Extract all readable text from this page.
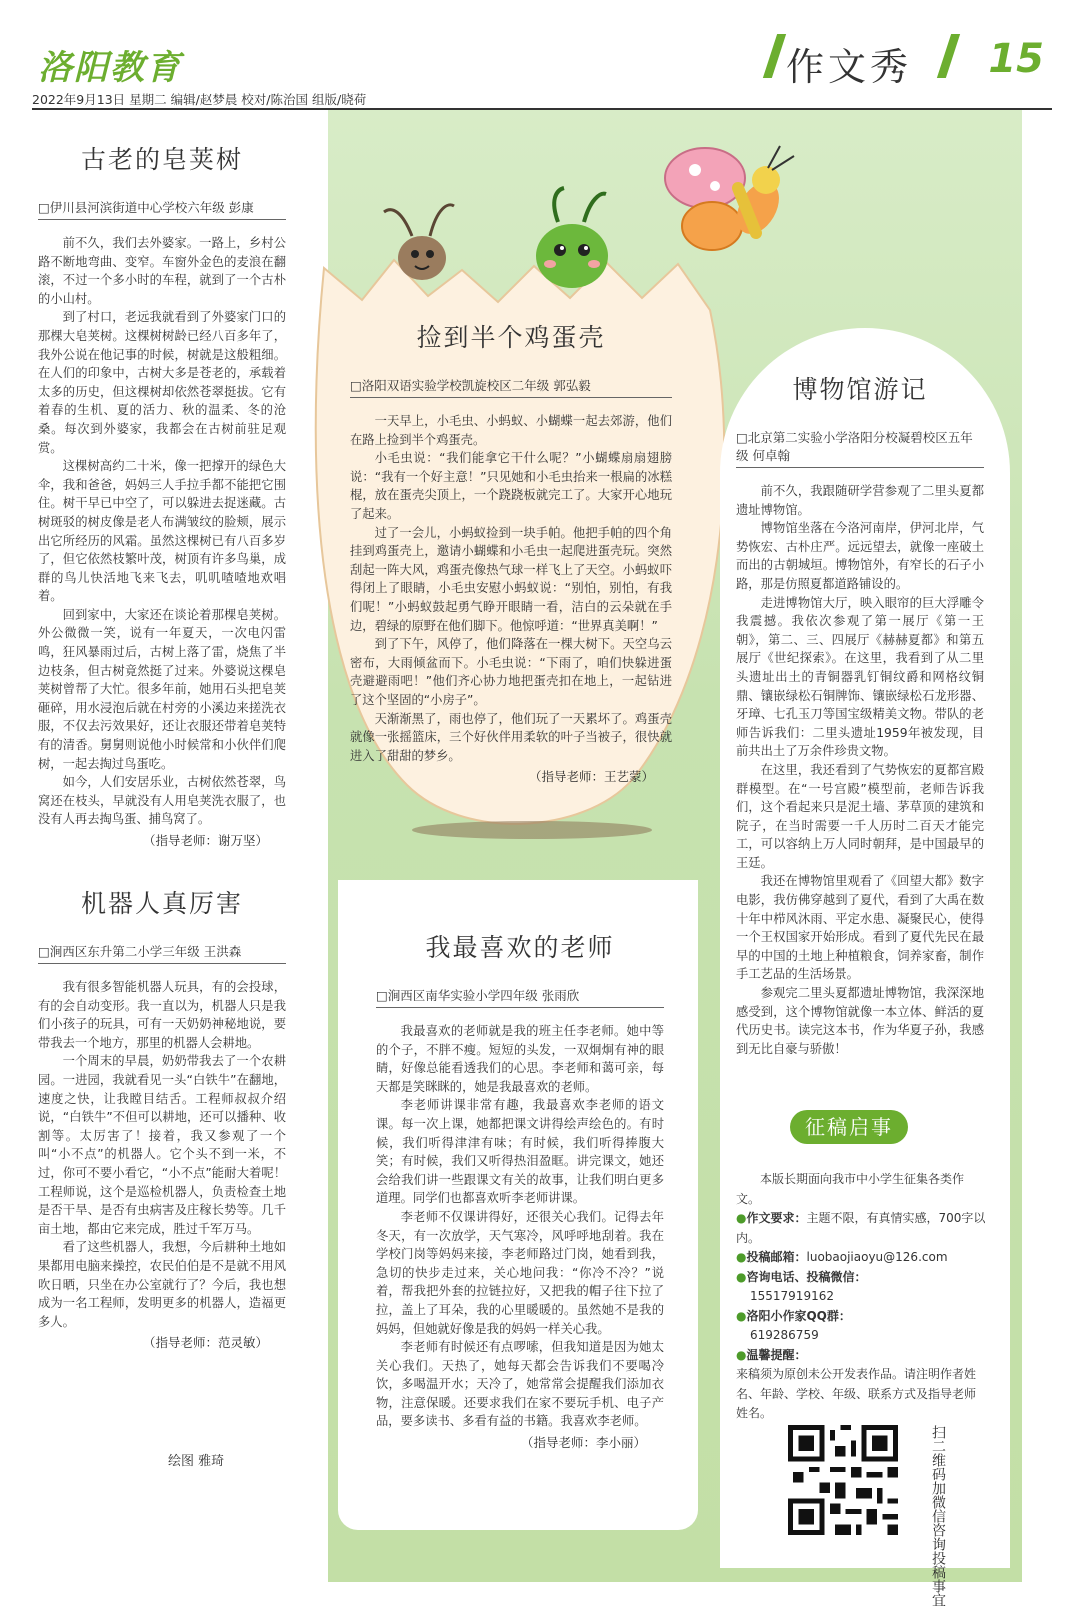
洛阳教育	作文秀 15
2022年9月13日 星期二 编辑/赵梦晨 校对/陈治国 组版/晓荷
古老的皂荚树
□伊川县河滨街道中心学校六年级 彭康

前不久，我们去外婆家。一路上，乡村公路不断地弯曲、变窄。车窗外金色的麦浪在翻滚，不过一个多小时的车程，就到了一个古朴的小山村。

到了村口，老远我就看到了外婆家门口的那棵大皂荚树。这棵树树龄已经八百多年了，我外公说在他记事的时候，树就是这般粗细。在人们的印象中，古树大多是苍老的，承载着太多的历史，但这棵树却依然苍翠挺拔。它有着春的生机、夏的活力、秋的温柔、冬的沧桑。每次到外婆家，我都会在古树前驻足观赏。

这棵树高约二十米，像一把撑开的绿色大伞，我和爸爸，妈妈三人手拉手都不能把它围住。树干早已中空了，可以躲进去捉迷藏。古树斑驳的树皮像是老人布满皱纹的脸颊，展示出它所经历的风霜。虽然这棵树已有八百多岁了，但它依然枝繁叶茂，树顶有许多鸟巢，成群的鸟儿快活地飞来飞去，叽叽喳喳地欢唱着。

回到家中，大家还在谈论着那棵皂荚树。外公微微一笑，说有一年夏天，一次电闪雷鸣，狂风暴雨过后，古树上落了雷，烧焦了半边枝条，但古树竟然挺了过来。外婆说这棵皂荚树曾帮了大忙。很多年前，她用石头把皂荚砸碎，用水浸泡后就在村旁的小溪边来搓洗衣服，不仅去污效果好，还让衣服还带着皂荚特有的清香。舅舅则说他小时候常和小伙伴们爬树，一起去掏过鸟蛋吃。

如今，人们安居乐业，古树依然苍翠，鸟窝还在枝头，早就没有人用皂荚洗衣服了，也没有人再去掏鸟蛋、捕鸟窝了。

（指导老师：谢万坚）
机器人真厉害
□涧西区东升第二小学三年级 王洪森

我有很多智能机器人玩具，有的会投球，有的会自动变形。我一直以为，机器人只是我们小孩子的玩具，可有一天奶奶神秘地说，要带我去一个地方，那里的机器人会耕地。

一个周末的早晨，奶奶带我去了一个农耕园。一进园，我就看见一头“白铁牛”在翻地，速度之快，让我瞠目结舌。工程师叔叔介绍说，“白铁牛”不但可以耕地，还可以播种、收割等。太厉害了！接着，我又参观了一个叫“小不点”的机器人。它个头不到一米，不过，你可不要小看它，“小不点”能耐大着呢！工程师说，这个是巡检机器人，负责检查土地是否干旱、是否有虫病害及庄稼长势等。几千亩土地，都由它来完成，胜过千军万马。

看了这些机器人，我想，今后耕种土地如果都用电脑来操控，农民伯伯是不是就不用风吹日晒，只坐在办公室就行了？今后，我也想成为一名工程师，发明更多的机器人，造福更多人。

（指导老师：范灵敏）
捡到半个鸡蛋壳
□洛阳双语实验学校凯旋校区二年级 郭弘毅

一天早上，小毛虫、小蚂蚁、小蝴蝶一起去郊游，他们在路上捡到半个鸡蛋壳。

小毛虫说：“我们能拿它干什么呢？”小蝴蝶扇扇翅膀说：“我有一个好主意！”只见她和小毛虫抬来一根扁的冰糕棍，放在蛋壳尖顶上，一个跷跷板就完工了。大家开心地玩了起来。

过了一会儿，小蚂蚁捡到一块手帕。他把手帕的四个角挂到鸡蛋壳上，邀请小蝴蝶和小毛虫一起爬进蛋壳玩。突然刮起一阵大风，鸡蛋壳像热气球一样飞上了天空。小蚂蚁吓得闭上了眼睛，小毛虫安慰小蚂蚁说：“别怕，别怕，有我们呢！”小蚂蚁鼓起勇气睁开眼睛一看，洁白的云朵就在手边，碧绿的原野在他们脚下。他惊呼道：“世界真美啊！”

到了下午，风停了，他们降落在一棵大树下。天空乌云密布，大雨倾盆而下。小毛虫说：“下雨了，咱们快躲进蛋壳避避雨吧！”他们齐心协力地把蛋壳扣在地上，一起钻进了这个坚固的“小房子”。

天渐渐黑了，雨也停了，他们玩了一天累坏了。鸡蛋壳就像一张摇篮床，三个好伙伴用柔软的叶子当被子，很快就进入了甜甜的梦乡。

（指导老师：王艺蒙）
我最喜欢的老师
□涧西区南华实验小学四年级 张雨欣

我最喜欢的老师就是我的班主任李老师。她中等的个子，不胖不瘦。短短的头发，一双炯炯有神的眼睛，好像总能看透我们的心思。李老师和蔼可亲，每天都是笑眯眯的，她是我最喜欢的老师。

李老师讲课非常有趣，我最喜欢李老师的语文课。每一次上课，她都把课文讲得绘声绘色的。有时候，我们听得津津有味；有时候，我们听得捧腹大笑；有时候，我们又听得热泪盈眶。讲完课文，她还会给我们讲一些跟课文有关的故事，让我们明白更多道理。同学们也都喜欢听李老师讲课。

李老师不仅课讲得好，还很关心我们。记得去年冬天，有一次放学，天气寒冷，风呼呼地刮着。我在学校门岗等妈妈来接，李老师路过门岗，她看到我，急切的快步走过来，关心地问我：“你冷不冷？”说着，帮我把外套的拉链拉好，又把我的帽子往下拉了拉，盖上了耳朵，我的心里暖暖的。虽然她不是我的妈妈，但她就好像是我的妈妈一样关心我。

李老师有时候还有点啰嗦，但我知道是因为她太关心我们。天热了，她每天都会告诉我们不要喝冷饮，多喝温开水；天冷了，她常常会提醒我们添加衣物，注意保暖。还要求我们在家不要玩手机、电子产品，要多读书、多看有益的书籍。我喜欢李老师。

（指导老师：李小丽）
博物馆游记
□北京第二实验小学洛阳分校凝碧校区五年级 何卓翰

前不久，我跟随研学营参观了二里头夏都遗址博物馆。

博物馆坐落在今洛河南岸，伊河北岸，气势恢宏、古朴庄严。远远望去，就像一座破土而出的古朝城垣。博物馆外，有窄长的石子小路，那是仿照夏都道路铺设的。

走进博物馆大厅，映入眼帘的巨大浮雕令我震撼。我依次参观了第一展厅《第一王朝》，第二、三、四展厅《赫赫夏都》和第五展厅《世纪探索》。在这里，我看到了从二里头遗址出土的青铜器乳钉铜纹爵和网格纹铜鼎、镶嵌绿松石铜牌饰、镶嵌绿松石龙形器、牙璋、七孔玉刀等国宝级精美文物。带队的老师告诉我们：二里头遗址1959年被发现，目前共出土了万余件珍贵文物。

在这里，我还看到了气势恢宏的夏都宫殿群模型。在“一号宫殿”模型前，老师告诉我们，这个看起来只是泥土墙、茅草顶的建筑和院子，在当时需要一千人历时二百天才能完工，可以容纳上万人同时朝拜，是中国最早的王廷。

我还在博物馆里观看了《回望大都》数字电影，我仿佛穿越到了夏代，看到了大禹在数十年中栉风沐雨、平定水患、凝聚民心，使得一个王权国家开始形成。看到了夏代先民在最早的中国的土地上种植粮食，饲养家畜，制作手工艺品的生活场景。

参观完二里头夏都遗址博物馆，我深深地感受到，这个博物馆就像一本立体、鲜活的夏代历史书。读完这本书，作为华夏子孙，我感到无比自豪与骄傲！

征稿启事
本版长期面向我市中小学生征集各类作文。
●作文要求：主题不限，有真情实感，700字以内。
●投稿邮箱：luobaojiaoyu@126.com
●咨询电话、投稿微信：
15517919162
●洛阳小作家QQ群：
619286759
●温馨提醒：
来稿须为原创未公开发表作品。请注明作者姓名、年龄、学校、年级、联系方式及指导老师姓名。
扫二维码加微信咨询投稿事宜
绘图 雅琦
